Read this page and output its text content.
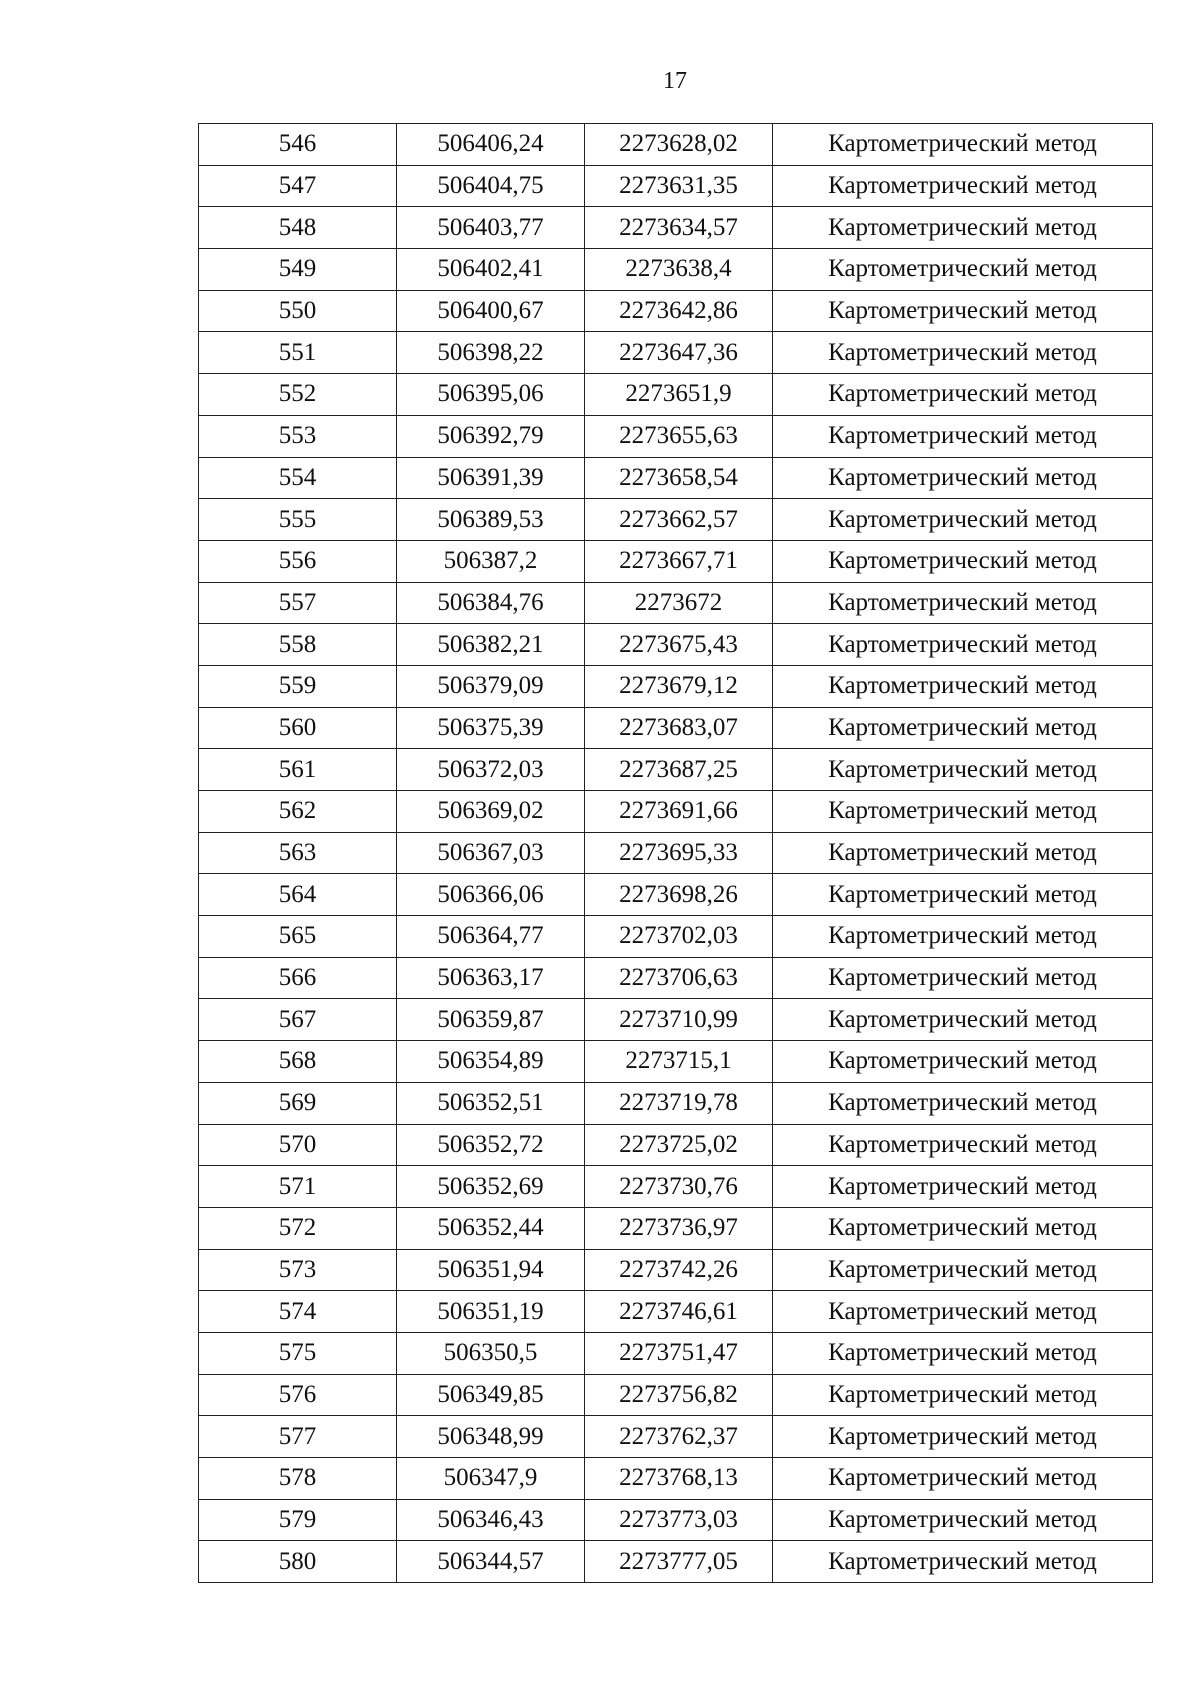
17
546	506406,24	2273628,02	Картометрический метод
547	506404,75	2273631,35	Картометрический метод
548	506403,77	2273634,57	Картометрический метод
549	506402,41	2273638,4	Картометрический метод
550	506400,67	2273642,86	Картометрический метод
551	506398,22	2273647,36	Картометрический метод
552	506395,06	2273651,9	Картометрический метод
553	506392,79	2273655,63	Картометрический метод
554	506391,39	2273658,54	Картометрический метод
555	506389,53	2273662,57	Картометрический метод
556	506387,2	2273667,71	Картометрический метод
557	506384,76	2273672	Картометрический метод
558	506382,21	2273675,43	Картометрический метод
559	506379,09	2273679,12	Картометрический метод
560	506375,39	2273683,07	Картометрический метод
561	506372,03	2273687,25	Картометрический метод
562	506369,02	2273691,66	Картометрический метод
563	506367,03	2273695,33	Картометрический метод
564	506366,06	2273698,26	Картометрический метод
565	506364,77	2273702,03	Картометрический метод
566	506363,17	2273706,63	Картометрический метод
567	506359,87	2273710,99	Картометрический метод
568	506354,89	2273715,1	Картометрический метод
569	506352,51	2273719,78	Картометрический метод
570	506352,72	2273725,02	Картометрический метод
571	506352,69	2273730,76	Картометрический метод
572	506352,44	2273736,97	Картометрический метод
573	506351,94	2273742,26	Картометрический метод
574	506351,19	2273746,61	Картометрический метод
575	506350,5	2273751,47	Картометрический метод
576	506349,85	2273756,82	Картометрический метод
577	506348,99	2273762,37	Картометрический метод
578	506347,9	2273768,13	Картометрический метод
579	506346,43	2273773,03	Картометрический метод
580	506344,57	2273777,05	Картометрический метод
